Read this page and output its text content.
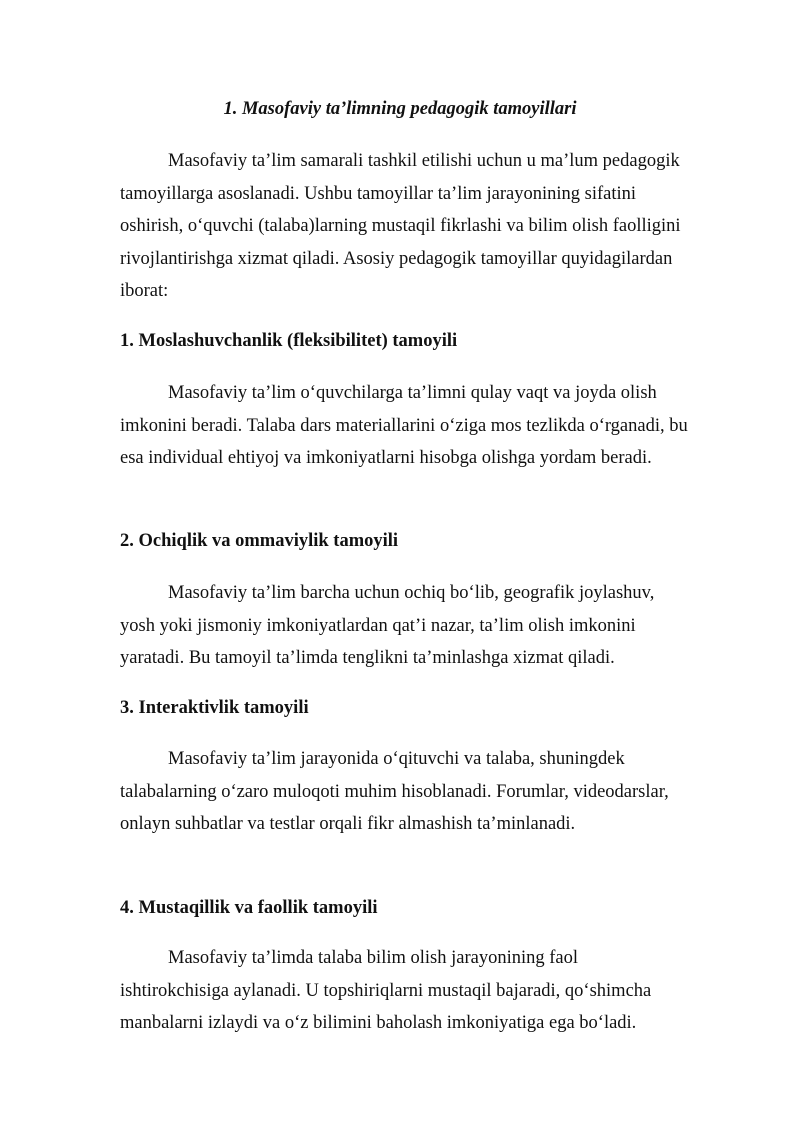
1. Masofaviy ta’limning pedagogik tamoyillari

Masofaviy ta’lim samarali tashkil etilishi uchun u ma’lum pedagogik tamoyillarga asoslanadi. Ushbu tamoyillar ta’lim jarayonining sifatini oshirish, o‘quvchi (talaba)larning mustaqil fikrlashi va bilim olish faolligini rivojlantirishga xizmat qiladi. Asosiy pedagogik tamoyillar quyidagilardan iborat:

1. Moslashuvchanlik (fleksibilitet) tamoyili

Masofaviy ta’lim o‘quvchilarga ta’limni qulay vaqt va joyda olish imkonini beradi. Talaba dars materiallarini o‘ziga mos tezlikda o‘rganadi, bu esa individual ehtiyoj va imkoniyatlarni hisobga olishga yordam beradi.

2. Ochiqlik va ommaviylik tamoyili

Masofaviy ta’lim barcha uchun ochiq bo‘lib, geografik joylashuv, yosh yoki jismoniy imkoniyatlardan qat’i nazar, ta’lim olish imkonini yaratadi. Bu tamoyil ta’limda tenglikni ta’minlashga xizmat qiladi.

3. Interaktivlik tamoyili

Masofaviy ta’lim jarayonida o‘qituvchi va talaba, shuningdek talabalarning o‘zaro muloqoti muhim hisoblanadi. Forumlar, videodarslar, onlayn suhbatlar va testlar orqali fikr almashish ta’minlanadi.

4. Mustaqillik va faollik tamoyili

Masofaviy ta’limda talaba bilim olish jarayonining faol ishtirokchisiga aylanadi. U topshiriqlarni mustaqil bajaradi, qo‘shimcha manbalarni izlaydi va o‘z bilimini baholash imkoniyatiga ega bo‘ladi.
